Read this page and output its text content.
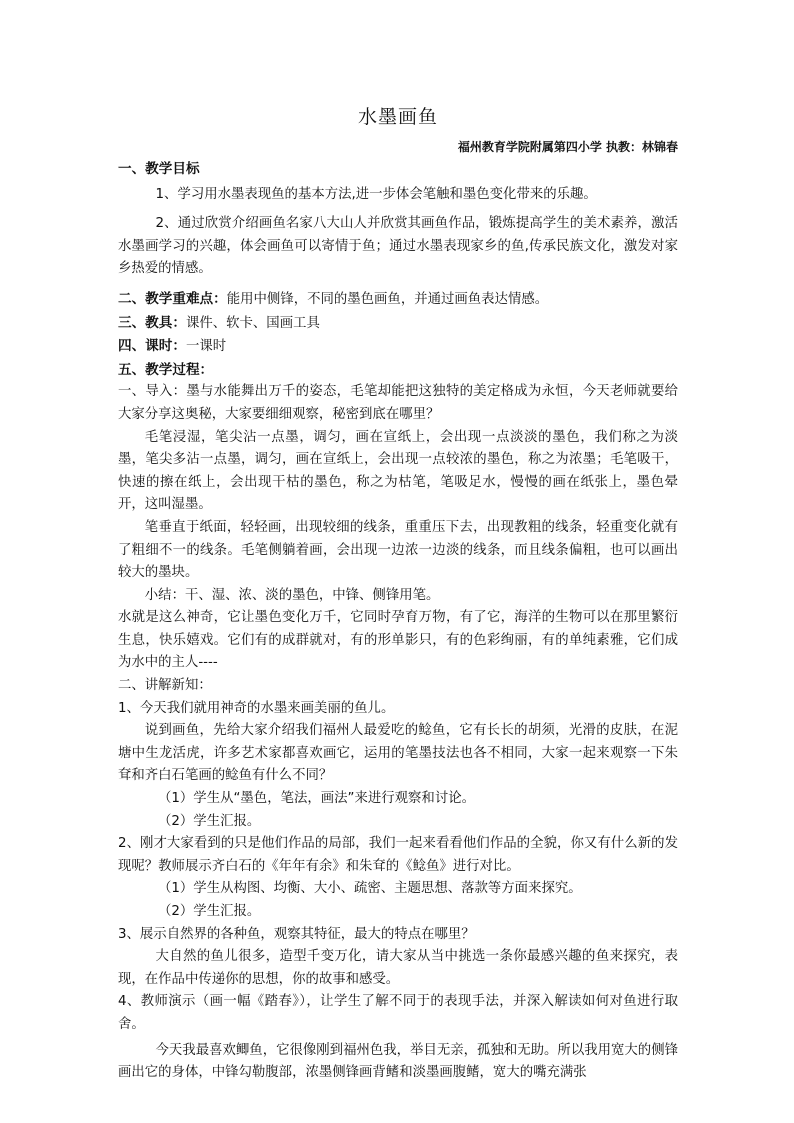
水墨画鱼
福州教育学院附属第四小学 执教：林锦春
一、教学目标

1、学习用水墨表现鱼的基本方法,进一步体会笔触和墨色变化带来的乐趣。

2、通过欣赏介绍画鱼名家八大山人并欣赏其画鱼作品，锻炼提高学生的美术素养，激活水墨画学习的兴趣，体会画鱼可以寄情于鱼；通过水墨表现家乡的鱼,传承民族文化，激发对家乡热爱的情感。

二、教学重难点：能用中侧锋，不同的墨色画鱼，并通过画鱼表达情感。

三、教具：课件、软卡、国画工具

四、课时：一课时

五、教学过程：

一、导入：墨与水能舞出万千的姿态，毛笔却能把这独特的美定格成为永恒，今天老师就要给大家分享这奥秘，大家要细细观察，秘密到底在哪里？

毛笔浸湿，笔尖沾一点墨，调匀，画在宣纸上，会出现一点淡淡的墨色，我们称之为淡墨，笔尖多沾一点墨，调匀，画在宣纸上，会出现一点较浓的墨色，称之为浓墨；毛笔吸干，快速的擦在纸上，会出现干枯的墨色，称之为枯笔，笔吸足水，慢慢的画在纸张上，墨色晕开，这叫湿墨。

笔垂直于纸面，轻轻画，出现较细的线条，重重压下去，出现教粗的线条，轻重变化就有了粗细不一的线条。毛笔侧躺着画，会出现一边浓一边淡的线条，而且线条偏粗，也可以画出较大的墨块。

小结：干、湿、浓、淡的墨色，中锋、侧锋用笔。

水就是这么神奇，它让墨色变化万千，它同时孕育万物，有了它，海洋的生物可以在那里繁衍生息，快乐嬉戏。它们有的成群就对，有的形单影只，有的色彩绚丽，有的单纯素雅，它们成为水中的主人----

二、讲解新知：

1、今天我们就用神奇的水墨来画美丽的鱼儿。

说到画鱼，先给大家介绍我们福州人最爱吃的鲶鱼，它有长长的胡须，光滑的皮肤，在泥塘中生龙活虎，许多艺术家都喜欢画它，运用的笔墨技法也各不相同，大家一起来观察一下朱耷和齐白石笔画的鲶鱼有什么不同？

（1）学生从“墨色，笔法，画法”来进行观察和讨论。

（2）学生汇报。

2、刚才大家看到的只是他们作品的局部，我们一起来看看他们作品的全貌，你又有什么新的发现呢？教师展示齐白石的《年年有余》和朱耷的《鲶鱼》进行对比。

（1）学生从构图、均衡、大小、疏密、主题思想、落款等方面来探究。

（2）学生汇报。

3、展示自然界的各种鱼，观察其特征，最大的特点在哪里？

大自然的鱼儿很多，造型千变万化，请大家从当中挑选一条你最感兴趣的鱼来探究，表现，在作品中传递你的思想，你的故事和感受。

4、教师演示（画一幅《踏春》），让学生了解不同于的表现手法，并深入解读如何对鱼进行取舍。

今天我最喜欢鲫鱼，它很像刚到福州色我，举目无亲，孤独和无助。所以我用宽大的侧锋画出它的身体，中锋勾勒腹部，浓墨侧锋画背鳍和淡墨画腹鳍，宽大的嘴充满张
